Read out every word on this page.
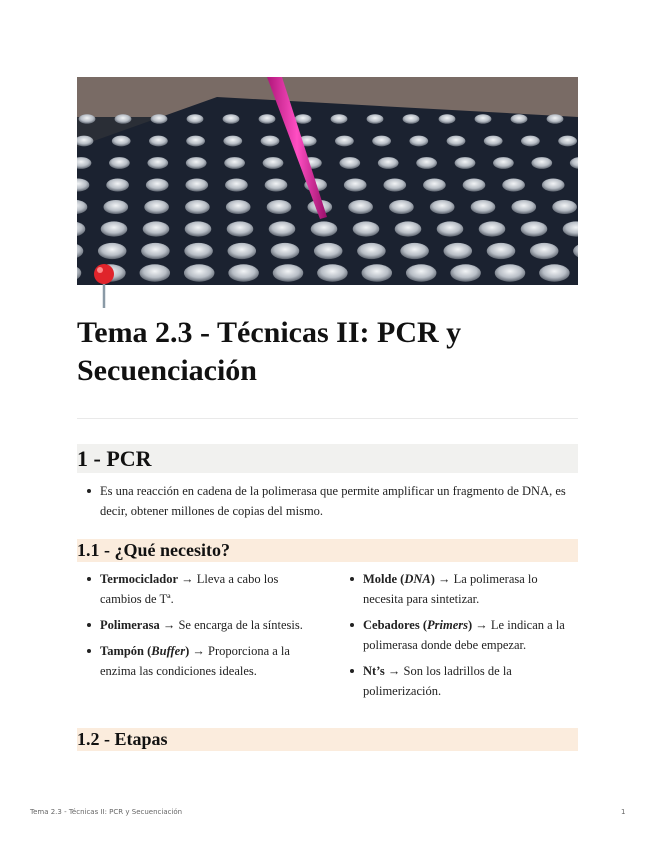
Tema 2.3 - Técnicas II: PCR y Secuenciación
1 - PCR
Es una reacción en cadena de la polimerasa que permite amplificar un fragmento de DNA, es decir, obtener millones de copias del mismo.
1.1 - ¿Qué necesito?
Termociclador → Lleva a cabo los cambios de Tª.
Polimerasa → Se encarga de la síntesis.
Tampón (Buffer) → Proporciona a la enzima las condiciones ideales.
Molde (DNA) → La polimerasa lo necesita para sintetizar.
Cebadores (Primers) → Le indican a la polimerasa donde debe empezar.
Nt’s → Son los ladrillos de la polimerización.
1.2 - Etapas
Tema 2.3 - Técnicas II: PCR y Secuenciación	1
